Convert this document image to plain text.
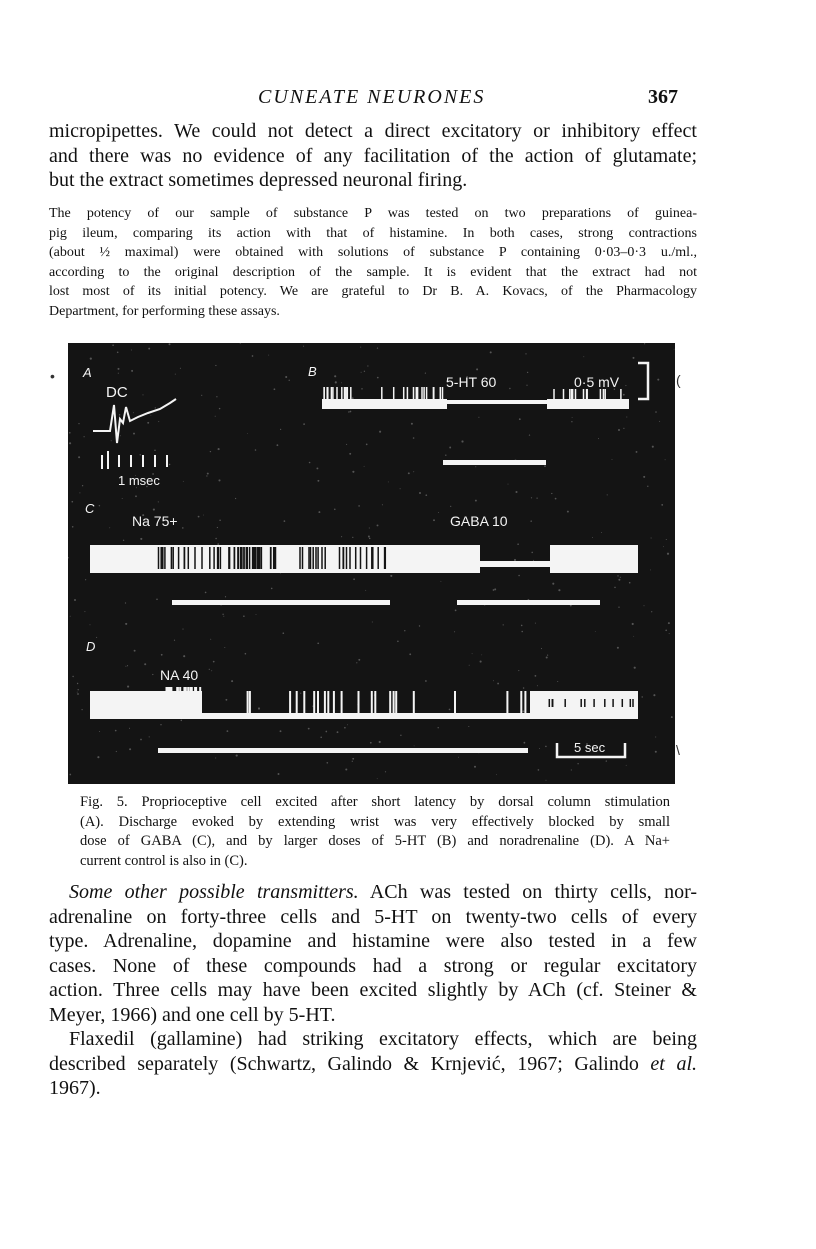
CUNEATE NEURONES	367

micropipettes. We could not detect a direct excitatory or inhibitory effect
and there was no evidence of any facilitation of the action of glutamate;
but the extract sometimes depressed neuronal firing.

The potency of our sample of substance P was tested on two preparations of guinea-
pig ileum, comparing its action with that of histamine. In both cases, strong contractions
(about ½ maximal) were obtained with solutions of substance P containing 0·03–0·3 u./ml.,
according to the original description of the sample. It is evident that the extract had not
lost most of its initial potency. We are grateful to Dr B. A. Kovacs, of the Pharmacology
Department, for performing these assays.

• A
DC
1 msec
B
5-HT 60	0·5 mV
C
Na 75+	GABA 10
D
NA 40
5 sec
(
\

Fig. 5. Proprioceptive cell excited after short latency by dorsal column stimulation
(A). Discharge evoked by extending wrist was very effectively blocked by small
dose of GABA (C), and by larger doses of 5-HT (B) and noradrenaline (D). A Na+
current control is also in (C).

Some other possible transmitters. ACh was tested on thirty cells, nor-
adrenaline on forty-three cells and 5-HT on twenty-two cells of every
type. Adrenaline, dopamine and histamine were also tested in a few
cases. None of these compounds had a strong or regular excitatory
action. Three cells may have been excited slightly by ACh (cf. Steiner &
Meyer, 1966) and one cell by 5-HT.

Flaxedil (gallamine) had striking excitatory effects, which are being
described separately (Schwartz, Galindo & Krnjević, 1967; Galindo et al.
1967).
